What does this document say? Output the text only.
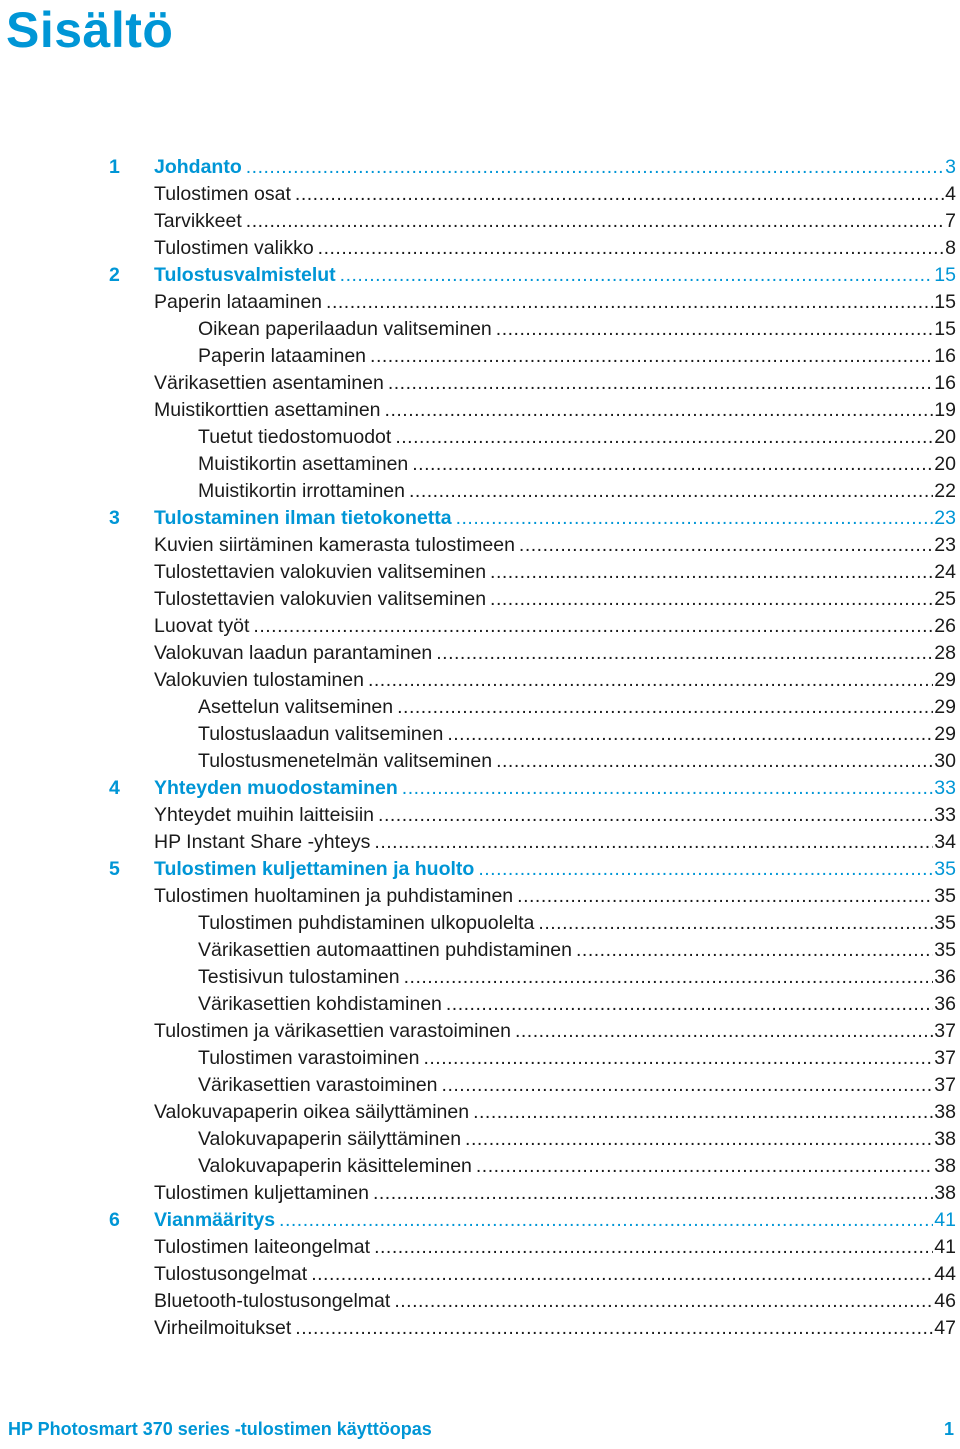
Sisältö
1 Johdanto .....	3
Tulostimen osat .....	4
Tarvikkeet .....	7
Tulostimen valikko .....	8
2 Tulostusvalmistelut .....	15
Paperin lataaminen .....	15
Oikean paperilaadun valitseminen .....	15
Paperin lataaminen .....	16
Värikasettien asentaminen .....	16
Muistikorttien asettaminen .....	19
Tuetut tiedostomuodot .....	20
Muistikortin asettaminen .....	20
Muistikortin irrottaminen .....	22
3 Tulostaminen ilman tietokonetta .....	23
Kuvien siirtäminen kamerasta tulostimeen .....	23
Tulostettavien valokuvien valitseminen .....	24
Tulostettavien valokuvien valitseminen .....	25
Luovat työt .....	26
Valokuvan laadun parantaminen .....	28
Valokuvien tulostaminen .....	29
Asettelun valitseminen .....	29
Tulostuslaadun valitseminen .....	29
Tulostusmenetelmän valitseminen .....	30
4 Yhteyden muodostaminen .....	33
Yhteydet muihin laitteisiin .....	33
HP Instant Share -yhteys .....	34
5 Tulostimen kuljettaminen ja huolto .....	35
Tulostimen huoltaminen ja puhdistaminen .....	35
Tulostimen puhdistaminen ulkopuolelta .....	35
Värikasettien automaattinen puhdistaminen .....	35
Testisivun tulostaminen .....	36
Värikasettien kohdistaminen .....	36
Tulostimen ja värikasettien varastoiminen .....	37
Tulostimen varastoiminen .....	37
Värikasettien varastoiminen .....	37
Valokuvapaperin oikea säilyttäminen .....	38
Valokuvapaperin säilyttäminen .....	38
Valokuvapaperin käsitteleminen .....	38
Tulostimen kuljettaminen .....	38
6 Vianmääritys .....	41
Tulostimen laiteongelmat .....	41
Tulostusongelmat .....	44
Bluetooth-tulostusongelmat .....	46
Virheilmoitukset .....	47
HP Photosmart 370 series -tulostimen käyttöopas	1
